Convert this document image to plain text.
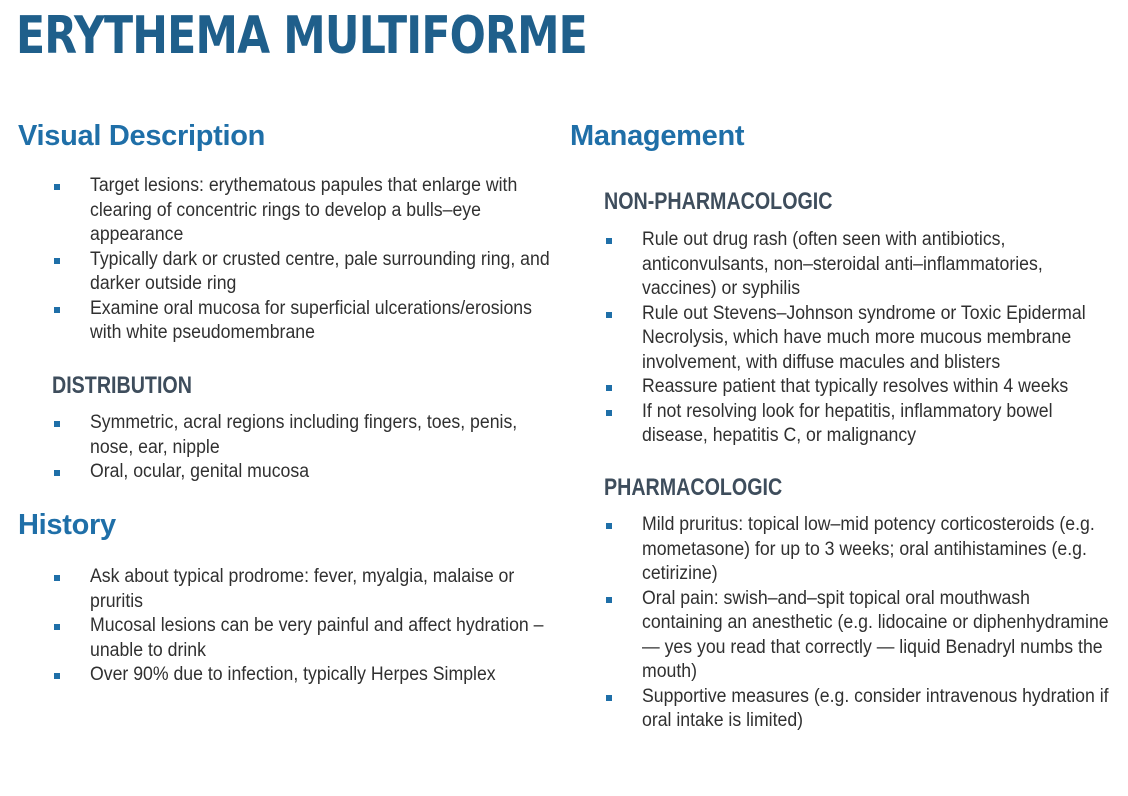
ERYTHEMA MULTIFORME
Visual Description
Target lesions: erythematous papules that enlarge with clearing of concentric rings to develop a bulls–eye appearance
Typically dark or crusted centre, pale surrounding ring, and darker outside ring
Examine oral mucosa for superficial ulcerations/erosions with white pseudomembrane
DISTRIBUTION
Symmetric, acral regions including fingers, toes, penis, nose, ear, nipple
Oral, ocular, genital mucosa
History
Ask about typical prodrome: fever, myalgia, malaise or pruritis
Mucosal lesions can be very painful and affect hydration – unable to drink
Over 90% due to infection, typically Herpes Simplex
Management
NON-PHARMACOLOGIC
Rule out drug rash (often seen with antibiotics, anticonvulsants, non–steroidal anti–inflammatories, vaccines) or syphilis
Rule out Stevens–Johnson syndrome or Toxic Epidermal Necrolysis, which have much more mucous membrane involvement, with diffuse macules and blisters
Reassure patient that typically resolves within 4 weeks
If not resolving look for hepatitis, inflammatory bowel disease, hepatitis C, or malignancy
PHARMACOLOGIC
Mild pruritus: topical low–mid potency corticosteroids (e.g. mometasone) for up to 3 weeks; oral antihistamines (e.g. cetirizine)
Oral pain: swish–and–spit topical oral mouthwash containing an anesthetic (e.g. lidocaine or diphenhydramine — yes you read that correctly — liquid Benadryl numbs the mouth)
Supportive measures (e.g. consider intravenous hydration if oral intake is limited)
